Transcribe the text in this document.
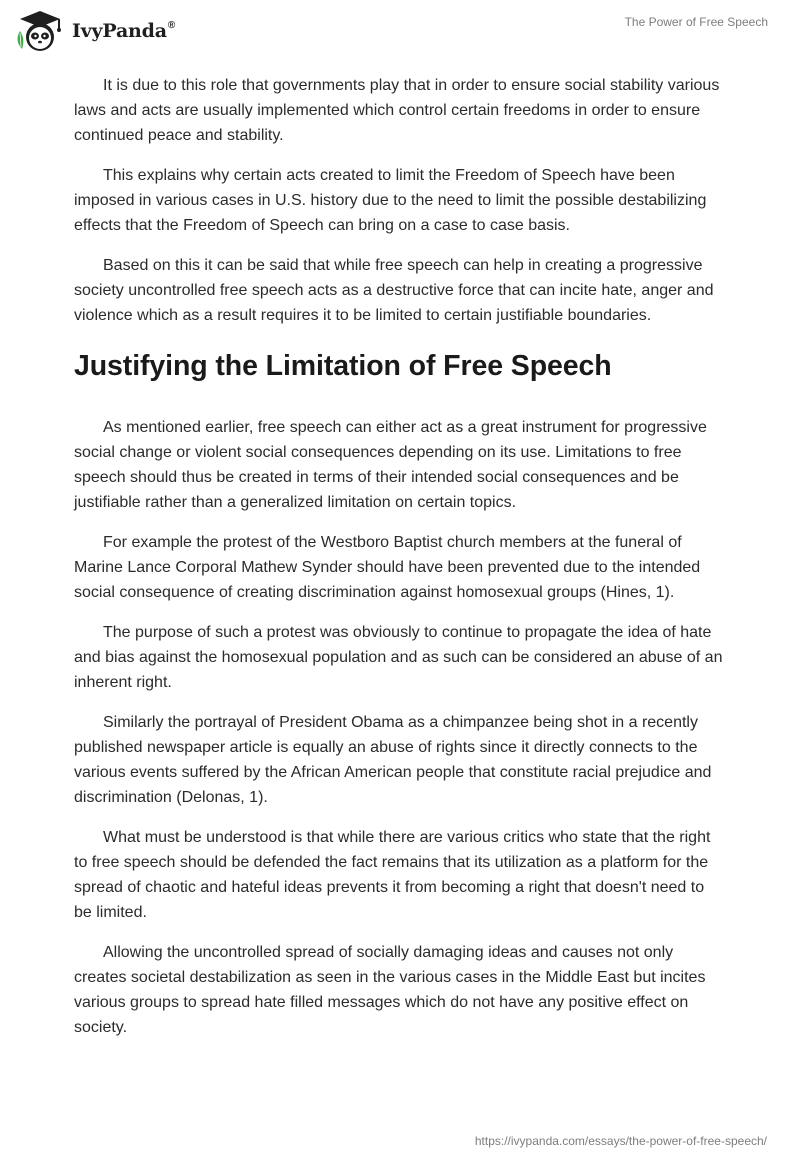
IvyPanda®	The Power of Free Speech

It is due to this role that governments play that in order to ensure social stability various laws and acts are usually implemented which control certain freedoms in order to ensure continued peace and stability.

This explains why certain acts created to limit the Freedom of Speech have been imposed in various cases in U.S. history due to the need to limit the possible destabilizing effects that the Freedom of Speech can bring on a case to case basis.

Based on this it can be said that while free speech can help in creating a progressive society uncontrolled free speech acts as a destructive force that can incite hate, anger and violence which as a result requires it to be limited to certain justifiable boundaries.

Justifying the Limitation of Free Speech

As mentioned earlier, free speech can either act as a great instrument for progressive social change or violent social consequences depending on its use. Limitations to free speech should thus be created in terms of their intended social consequences and be justifiable rather than a generalized limitation on certain topics.

For example the protest of the Westboro Baptist church members at the funeral of Marine Lance Corporal Mathew Synder should have been prevented due to the intended social consequence of creating discrimination against homosexual groups (Hines, 1).

The purpose of such a protest was obviously to continue to propagate the idea of hate and bias against the homosexual population and as such can be considered an abuse of an inherent right.

Similarly the portrayal of President Obama as a chimpanzee being shot in a recently published newspaper article is equally an abuse of rights since it directly connects to the various events suffered by the African American people that constitute racial prejudice and discrimination (Delonas, 1).

What must be understood is that while there are various critics who state that the right to free speech should be defended the fact remains that its utilization as a platform for the spread of chaotic and hateful ideas prevents it from becoming a right that doesn't need to be limited.

Allowing the uncontrolled spread of socially damaging ideas and causes not only creates societal destabilization as seen in the various cases in the Middle East but incites various groups to spread hate filled messages which do not have any positive effect on society.

https://ivypanda.com/essays/the-power-of-free-speech/
